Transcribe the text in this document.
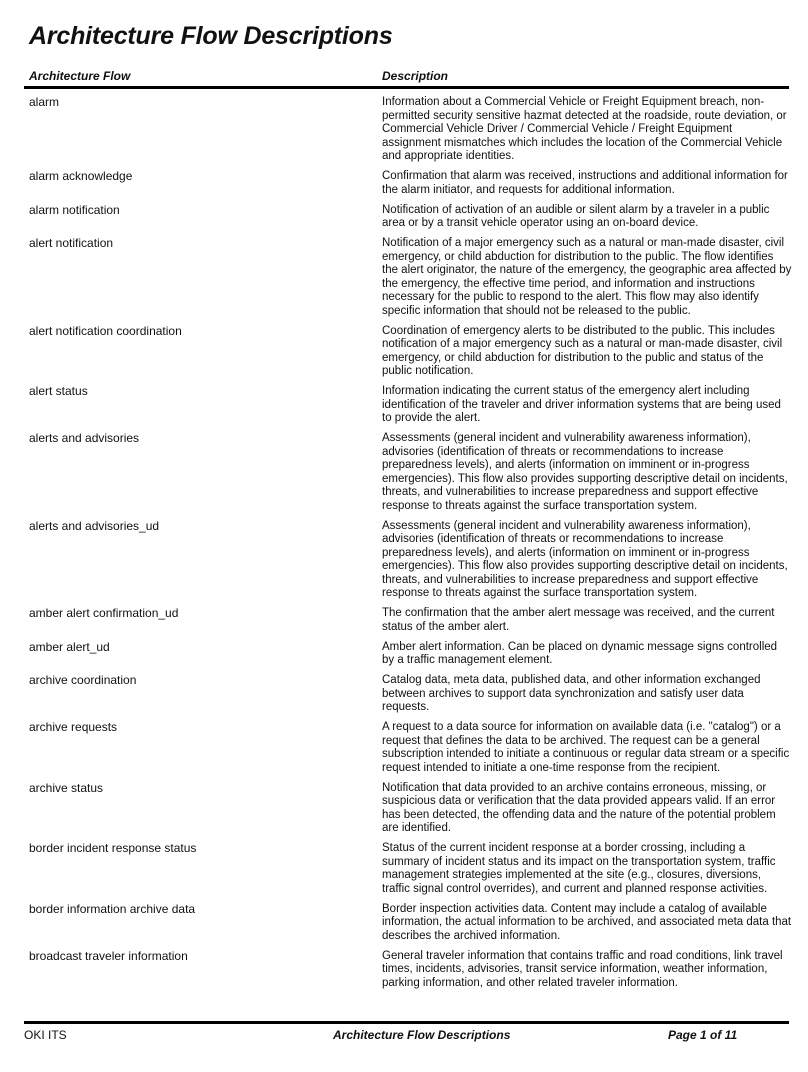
Architecture Flow Descriptions
Architecture Flow	Description

alarm	Information about a Commercial Vehicle or Freight Equipment breach, non-permitted security sensitive hazmat detected at the roadside, route deviation, or Commercial Vehicle Driver / Commercial Vehicle / Freight Equipment assignment mismatches which includes the location of the Commercial Vehicle and appropriate identities.

alarm acknowledge	Confirmation that alarm was received, instructions and additional information for the alarm initiator, and requests for additional information.

alarm notification	Notification of activation of an audible or silent alarm by a traveler in a public area or by a transit vehicle operator using an on-board device.

alert notification	Notification of a major emergency such as a natural or man-made disaster, civil emergency, or child abduction for distribution to the public. The flow identifies the alert originator, the nature of the emergency, the geographic area affected by the emergency, the effective time period, and information and instructions necessary for the public to respond to the alert. This flow may also identify specific information that should not be released to the public.

alert notification coordination	Coordination of emergency alerts to be distributed to the public. This includes notification of a major emergency such as a natural or man-made disaster, civil emergency, or child abduction for distribution to the public and status of the public notification.

alert status	Information indicating the current status of the emergency alert including identification of the traveler and driver information systems that are being used to provide the alert.

alerts and advisories	Assessments (general incident and vulnerability awareness information), advisories (identification of threats or recommendations to increase preparedness levels), and alerts (information on imminent or in-progress emergencies). This flow also provides supporting descriptive detail on incidents, threats, and vulnerabilities to increase preparedness and support effective response to threats against the surface transportation system.

alerts and advisories_ud	Assessments (general incident and vulnerability awareness information), advisories (identification of threats or recommendations to increase preparedness levels), and alerts (information on imminent or in-progress emergencies). This flow also provides supporting descriptive detail on incidents, threats, and vulnerabilities to increase preparedness and support effective response to threats against the surface transportation system.

amber alert confirmation_ud	The confirmation that the amber alert message was received, and the current status of the amber alert.

amber alert_ud	Amber alert information. Can be placed on dynamic message signs controlled by a traffic management element.

archive coordination	Catalog data, meta data, published data, and other information exchanged between archives to support data synchronization and satisfy user data requests.

archive requests	A request to a data source for information on available data (i.e. "catalog") or a request that defines the data to be archived. The request can be a general subscription intended to initiate a continuous or regular data stream or a specific request intended to initiate a one-time response from the recipient.

archive status	Notification that data provided to an archive contains erroneous, missing, or suspicious data or verification that the data provided appears valid. If an error has been detected, the offending data and the nature of the potential problem are identified.

border incident response status	Status of the current incident response at a border crossing, including a summary of incident status and its impact on the transportation system, traffic management strategies implemented at the site (e.g., closures, diversions, traffic signal control overrides), and current and planned response activities.

border information archive data	Border inspection activities data. Content may include a catalog of available information, the actual information to be archived, and associated meta data that describes the archived information.

broadcast traveler information	General traveler information that contains traffic and road conditions, link travel times, incidents, advisories, transit service information, weather information, parking information, and other related traveler information.

OKI ITS	Architecture Flow Descriptions	Page 1 of 11
